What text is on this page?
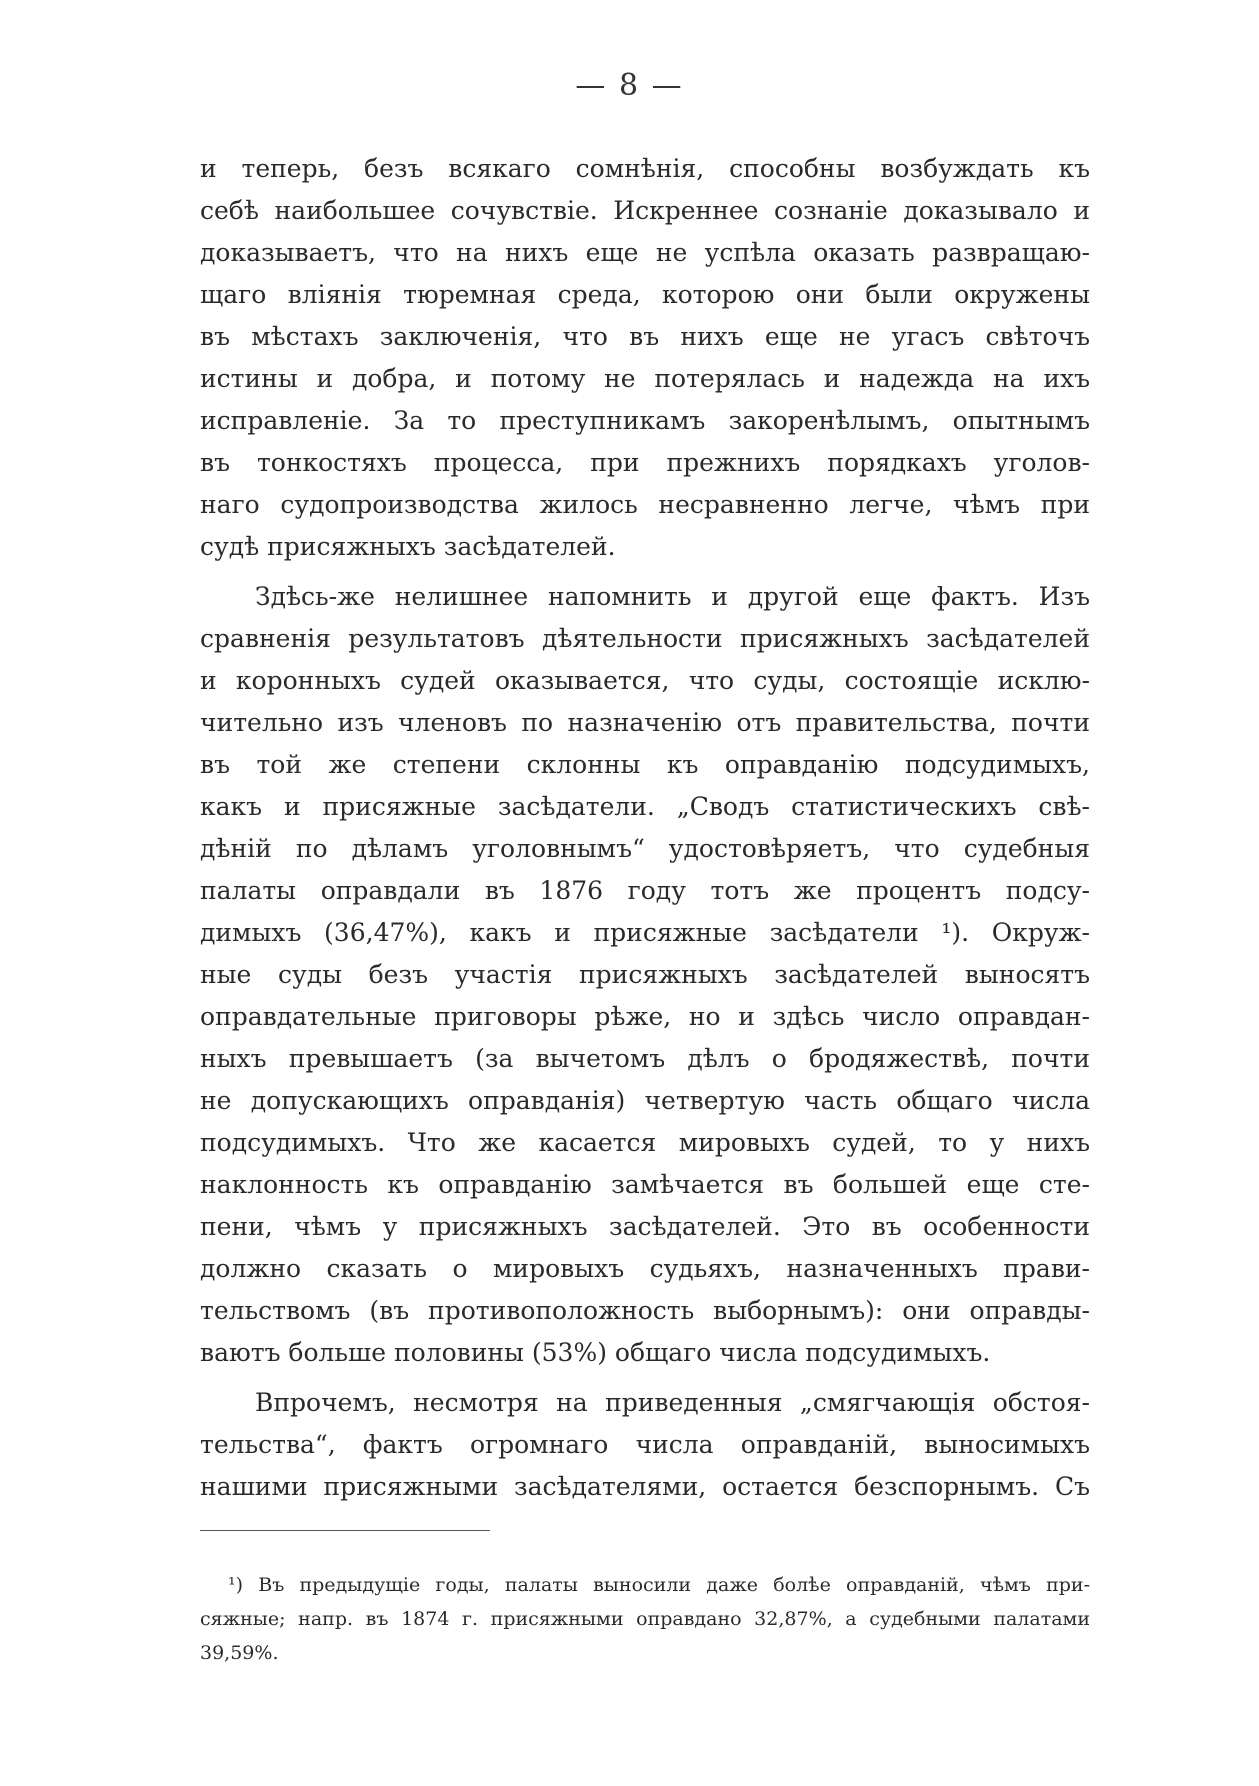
— 8 —
и теперь, безъ всякаго сомнѣнія, способны возбуждать къ
себѣ наибольшее сочувствіе. Искреннее сознаніе доказывало и
доказываетъ, что на нихъ еще не успѣла оказать развращаю-
щаго вліянія тюремная среда, которою они были окружены
въ мѣстахъ заключенія, что въ нихъ еще не угасъ свѣточъ
истины и добра, и потому не потерялась и надежда на ихъ
исправленіе. За то преступникамъ закоренѣлымъ, опытнымъ
въ тонкостяхъ процесса, при прежнихъ порядкахъ уголов-
наго судопроизводства жилось несравненно легче, чѣмъ при
судѣ присяжныхъ засѣдателей.
Здѣсь-же нелишнее напомнить и другой еще фактъ. Изъ
сравненія результатовъ дѣятельности присяжныхъ засѣдателей
и коронныхъ судей оказывается, что суды, состоящіе исклю-
чительно изъ членовъ по назначенію отъ правительства, почти
въ той же степени склонны къ оправданію подсудимыхъ,
какъ и присяжные засѣдатели. „Сводъ статистическихъ свѣ-
дѣній по дѣламъ уголовнымъ“ удостовѣряетъ, что судебныя
палаты оправдали въ 1876 году тотъ же процентъ подсу-
димыхъ (36,47%), какъ и присяжные засѣдатели ¹). Окруж-
ные суды безъ участія присяжныхъ засѣдателей выносятъ
оправдательные приговоры рѣже, но и здѣсь число оправдан-
ныхъ превышаетъ (за вычетомъ дѣлъ о бродяжествѣ, почти
не допускающихъ оправданія) четвертую часть общаго числа
подсудимыхъ. Что же касается мировыхъ судей, то у нихъ
наклонность къ оправданію замѣчается въ большей еще сте-
пени, чѣмъ у присяжныхъ засѣдателей. Это въ особенности
должно сказать о мировыхъ судьяхъ, назначенныхъ прави-
тельствомъ (въ противоположность выборнымъ): они оправды-
ваютъ больше половины (53%) общаго числа подсудимыхъ.
Впрочемъ, несмотря на приведенныя „смягчающія обстоя-
тельства“, фактъ огромнаго числа оправданій, выносимыхъ
нашими присяжными засѣдателями, остается безспорнымъ. Съ
¹) Въ предыдущіе годы, палаты выносили даже болѣе оправданій, чѣмъ при-
сяжные; напр. въ 1874 г. присяжными оправдано 32,87%, а судебными палатами
39,59%.
